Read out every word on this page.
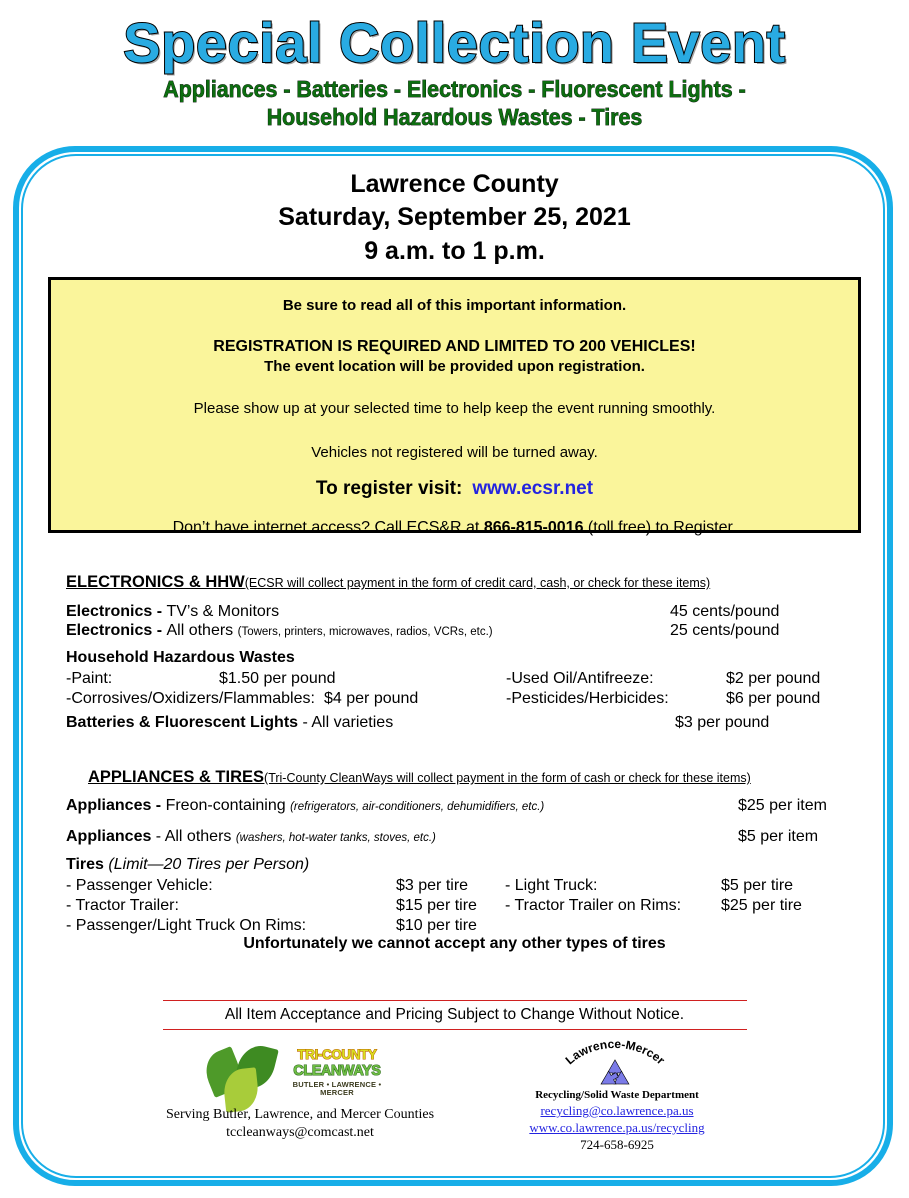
Special Collection Event
Appliances - Batteries - Electronics - Fluorescent Lights -
Household Hazardous Wastes - Tires
Lawrence County
Saturday, September 25, 2021
9 a.m. to 1 p.m.
Be sure to read all of this important information.
REGISTRATION IS REQUIRED AND LIMITED TO 200 VEHICLES!
The event location will be provided upon registration.
Please show up at your selected time to help keep the event running smoothly.
Vehicles not registered will be turned away.
To register visit: www.ecsr.net
Don’t have internet access? Call ECS&R at 866-815-0016 (toll free) to Register.
ELECTRONICS & HHW(ECSR will collect payment in the form of credit card, cash, or check for these items)
Electronics - TV’s & Monitors	45 cents/pound
Electronics - All others (Towers, printers, microwaves, radios, VCRs, etc.)	25 cents/pound
Household Hazardous Wastes
-Paint:	$1.50 per pound	-Used Oil/Antifreeze:	$2 per pound
-Corrosives/Oxidizers/Flammables: $4 per pound	-Pesticides/Herbicides:	$6 per pound
Batteries & Fluorescent Lights - All varieties	$3 per pound
APPLIANCES & TIRES(Tri-County CleanWays will collect payment in the form of cash or check for these items)
Appliances - Freon-containing (refrigerators, air-conditioners, dehumidifiers, etc.)	$25 per item
Appliances - All others (washers, hot-water tanks, stoves, etc.)	$5 per item
Tires (Limit—20 Tires per Person)
- Passenger Vehicle:	$3 per tire - Light Truck:	$5 per tire
- Tractor Trailer:	$15 per tire - Tractor Trailer on Rims: $25 per tire
- Passenger/Light Truck On Rims:	$10 per tire
Unfortunately we cannot accept any other types of tires
All Item Acceptance and Pricing Subject to Change Without Notice.
TRI-COUNTY
CLEANWAYS
BUTLER • LAWRENCE • MERCER
Serving Butler, Lawrence, and Mercer Counties
tccleanways@comcast.net
Lawrence-Mercer
Recycling/Solid Waste Department
recycling@co.lawrence.pa.us
www.co.lawrence.pa.us/recycling
724-658-6925
